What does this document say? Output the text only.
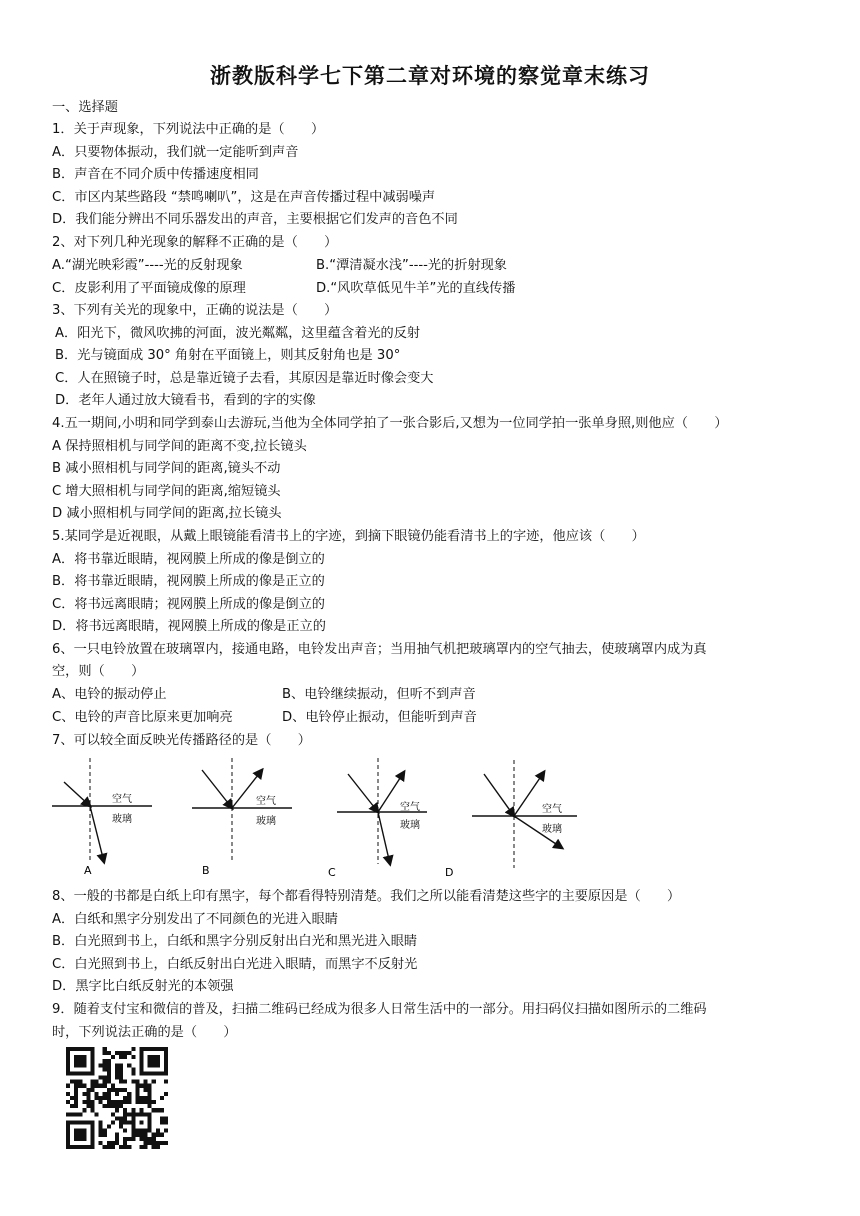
浙教版科学七下第二章对环境的察觉章末练习
一、选择题
1．关于声现象，下列说法中正确的是（　　）
A．只要物体振动，我们就一定能听到声音
B．声音在不同介质中传播速度相同
C．市区内某些路段 “禁鸣喇叭”，这是在声音传播过程中减弱噪声
D．我们能分辨出不同乐器发出的声音，主要根据它们发声的音色不同
2、对下列几种光现象的解释不正确的是（　　）
A.“湖光映彩霞”----光的反射现象	B.“潭清凝水浅”----光的折射现象
C．皮影利用了平面镜成像的原理	D.“风吹草低见牛羊”光的直线传播
3、下列有关光的现象中，正确的说法是（　　）
A．阳光下，微风吹拂的河面，波光粼粼，这里蕴含着光的反射
B．光与镜面成 30° 角射在平面镜上，则其反射角也是 30°
C．人在照镜子时，总是靠近镜子去看，其原因是靠近时像会变大
D．老年人通过放大镜看书，看到的字的实像
4.五一期间,小明和同学到泰山去游玩,当他为全体同学拍了一张合影后,又想为一位同学拍一张单身照,则他应（　　）
A 保持照相机与同学间的距离不变,拉长镜头
B 减小照相机与同学间的距离,镜头不动
C 增大照相机与同学间的距离,缩短镜头
D 减小照相机与同学间的距离,拉长镜头
5.某同学是近视眼，从戴上眼镜能看清书上的字迹，到摘下眼镜仍能看清书上的字迹，他应该（　　）
A．将书靠近眼睛，视网膜上所成的像是倒立的
B．将书靠近眼睛，视网膜上所成的像是正立的
C．将书远离眼睛；视网膜上所成的像是倒立的
D．将书远离眼睛，视网膜上所成的像是正立的
6、一只电铃放置在玻璃罩内，接通电路，电铃发出声音；当用抽气机把玻璃罩内的空气抽去，使玻璃罩内成为真
空，则（　　）
A、电铃的振动停止	B、电铃继续振动，但听不到声音
C、电铃的声音比原来更加响亮	D、电铃停止振动，但能听到声音
7、可以较全面反映光传播路径的是（　　）
空气
玻璃
A
空气
玻璃
B
空气
玻璃
C
空气
玻璃
D
8、一般的书都是白纸上印有黑字，每个都看得特别清楚。我们之所以能看清楚这些字的主要原因是（　　）
A．白纸和黑字分别发出了不同颜色的光进入眼睛
B．白光照到书上，白纸和黑字分别反射出白光和黑光进入眼睛
C．白光照到书上，白纸反射出白光进入眼睛，而黑字不反射光
D．黑字比白纸反射光的本领强
9．随着支付宝和微信的普及，扫描二维码已经成为很多人日常生活中的一部分。用扫码仪扫描如图所示的二维码
时，下列说法正确的是（　　）
